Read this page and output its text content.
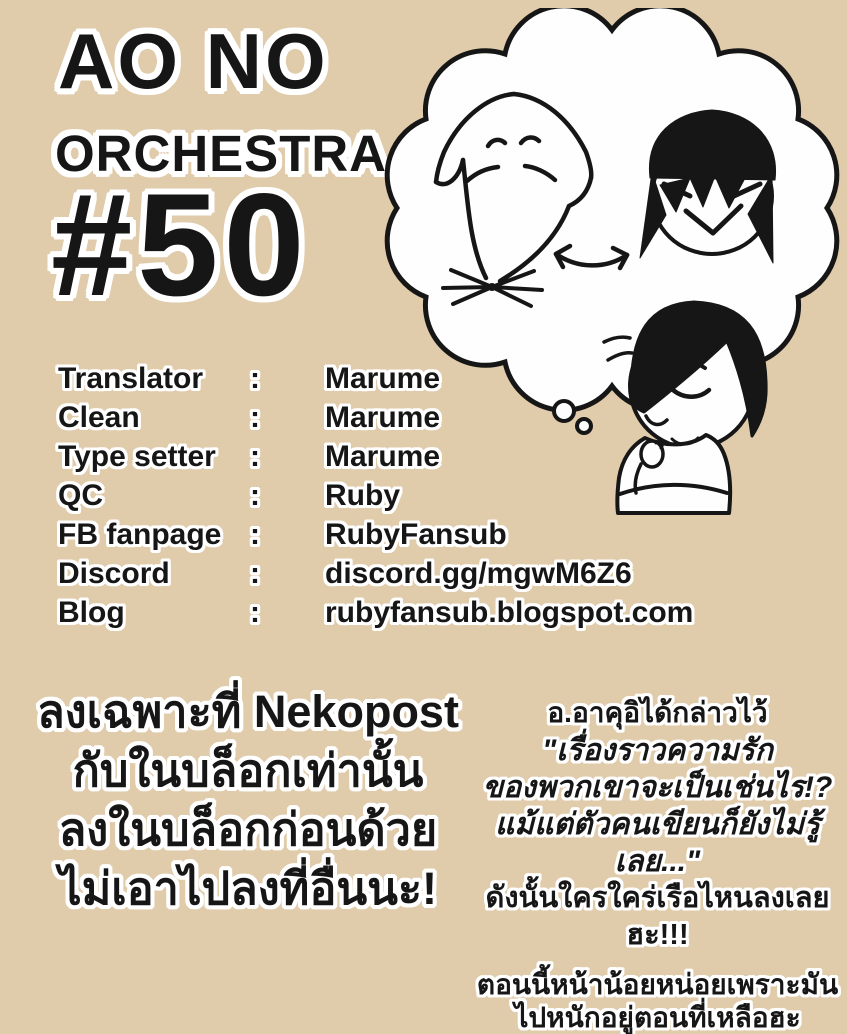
AO NO
ORCHESTRA
#50
Translator	:	Marume
Clean	:	Marume
Type setter	:	Marume
QC	:	Ruby
FB fanpage :	RubyFansub
Discord	:	discord.gg/mgwM6Z6
Blog	:	rubyfansub.blogspot.com
ลงเฉพาะที่ Nekopost
กับในบล็อกเท่านั้น
ลงในบล็อกก่อนด้วย
ไม่เอาไปลงที่อื่นนะ!
อ.อาคุอิได้กล่าวไว้
"เรื่องราวความรัก
ของพวกเขาจะเป็นเช่นไร!?
แม้แต่ตัวคนเขียนก็ยังไม่รู้เลย..."
ดังนั้นใครใคร่เรือไหนลงเลยฮะ!!!
ตอนนี้หน้าน้อยหน่อยเพราะมัน
ไปหนักอยู่ตอนที่เหลือฮะ
